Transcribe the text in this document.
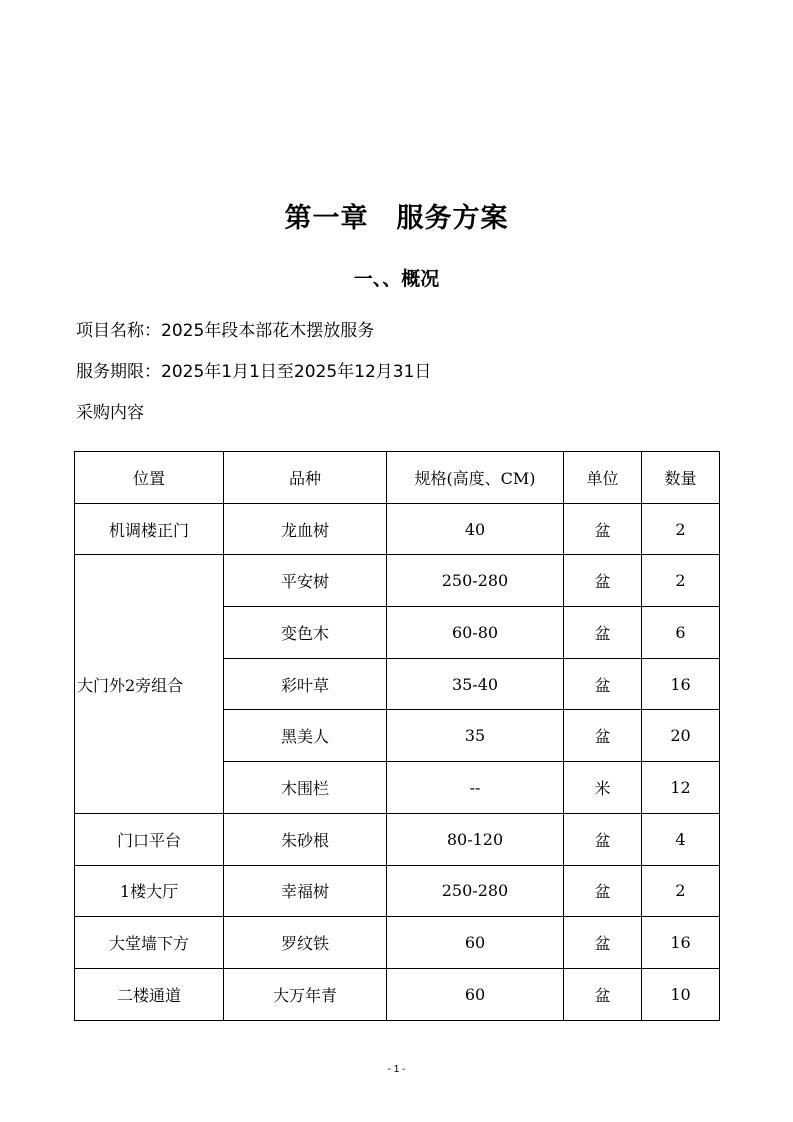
第一章　服务方案
一、、概况
项目名称：2025年段本部花木摆放服务
服务期限：2025年1月1日至2025年12月31日
采购内容
位置	品种	规格(高度、CM)	单位	数量
机调楼正门	龙血树	40	盆	2
大门外2旁组合	平安树	250-280	盆	2
	变色木	60-80	盆	6
	彩叶草	35-40	盆	16
	黑美人	35	盆	20
	木围栏	--	米	12
门口平台	朱砂根	80-120	盆	4
1楼大厅	幸福树	250-280	盆	2
大堂墙下方	罗纹铁	60	盆	16
二楼通道	大万年青	60	盆	10
- 1 -
